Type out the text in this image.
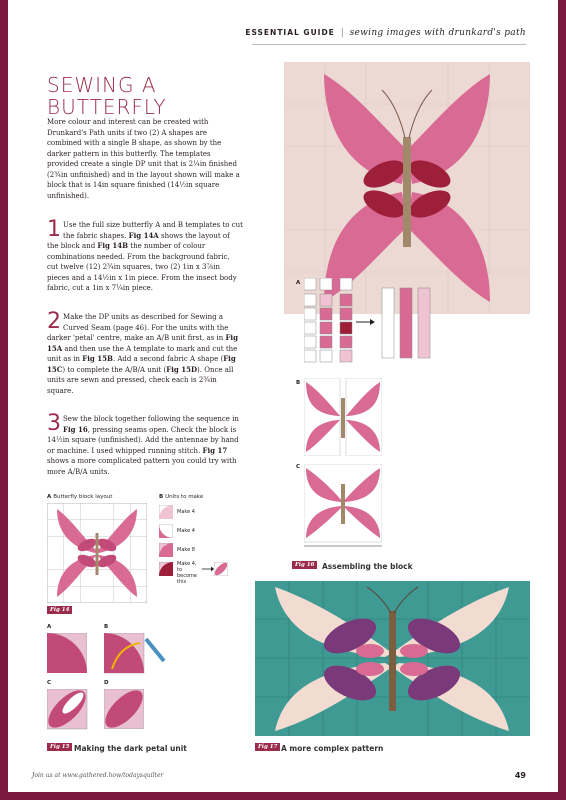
ESSENTIAL GUIDE | sewing images with drunkard's path
SEWING A
BUTTERFLY
More colour and interest can be created with Drunkard's Path units if two (2) A shapes are combined with a single B shape, as shown by the darker pattern in this butterfly. The templates provided create a single DP unit that is 2¼in finished (2¾in unfinished) and in the layout shown will make a block that is 14in square finished (14½in square unfinished).
1 Use the full size butterfly A and B templates to cut the fabric shapes. Fig 14A shows the layout of the block and Fig 14B the number of colour combinations needed. From the background fabric, cut twelve (12) 2¾in squares, two (2) 1in x 3⅞in pieces and a 14½in x 1in piece. From the insect body fabric, cut a 1in x 7¼in piece.
2 Make the DP units as described for Sewing a Curved Seam (page 46). For the units with the darker 'petal' centre, make an A/B unit first, as in Fig 15A and then use the A template to mark and cut the unit as in Fig 15B. Add a second fabric A shape (Fig 15C) to complete the A/B/A unit (Fig 15D). Once all units are sewn and pressed, check each is 2¾in square.
3 Sew the block together following the sequence in Fig 16, pressing seams open. Check the block is 14½in square (unfinished). Add the antennae by hand or machine. I used whipped running stitch. Fig 17 shows a more complicated pattern you could try with more A/B/A units.
A
B
C
Fig 16	Assembling the block
Fig 17 A more complex pattern
A Butterfly block layout	B Units to make
Make 4
Make 4
Make 8
Make 4, to become this
Fig 14
A	B
C	D
Fig 15 Making the dark petal unit
Join us at www.gathered.how/todaysquilter	49
PassionForum.ru
